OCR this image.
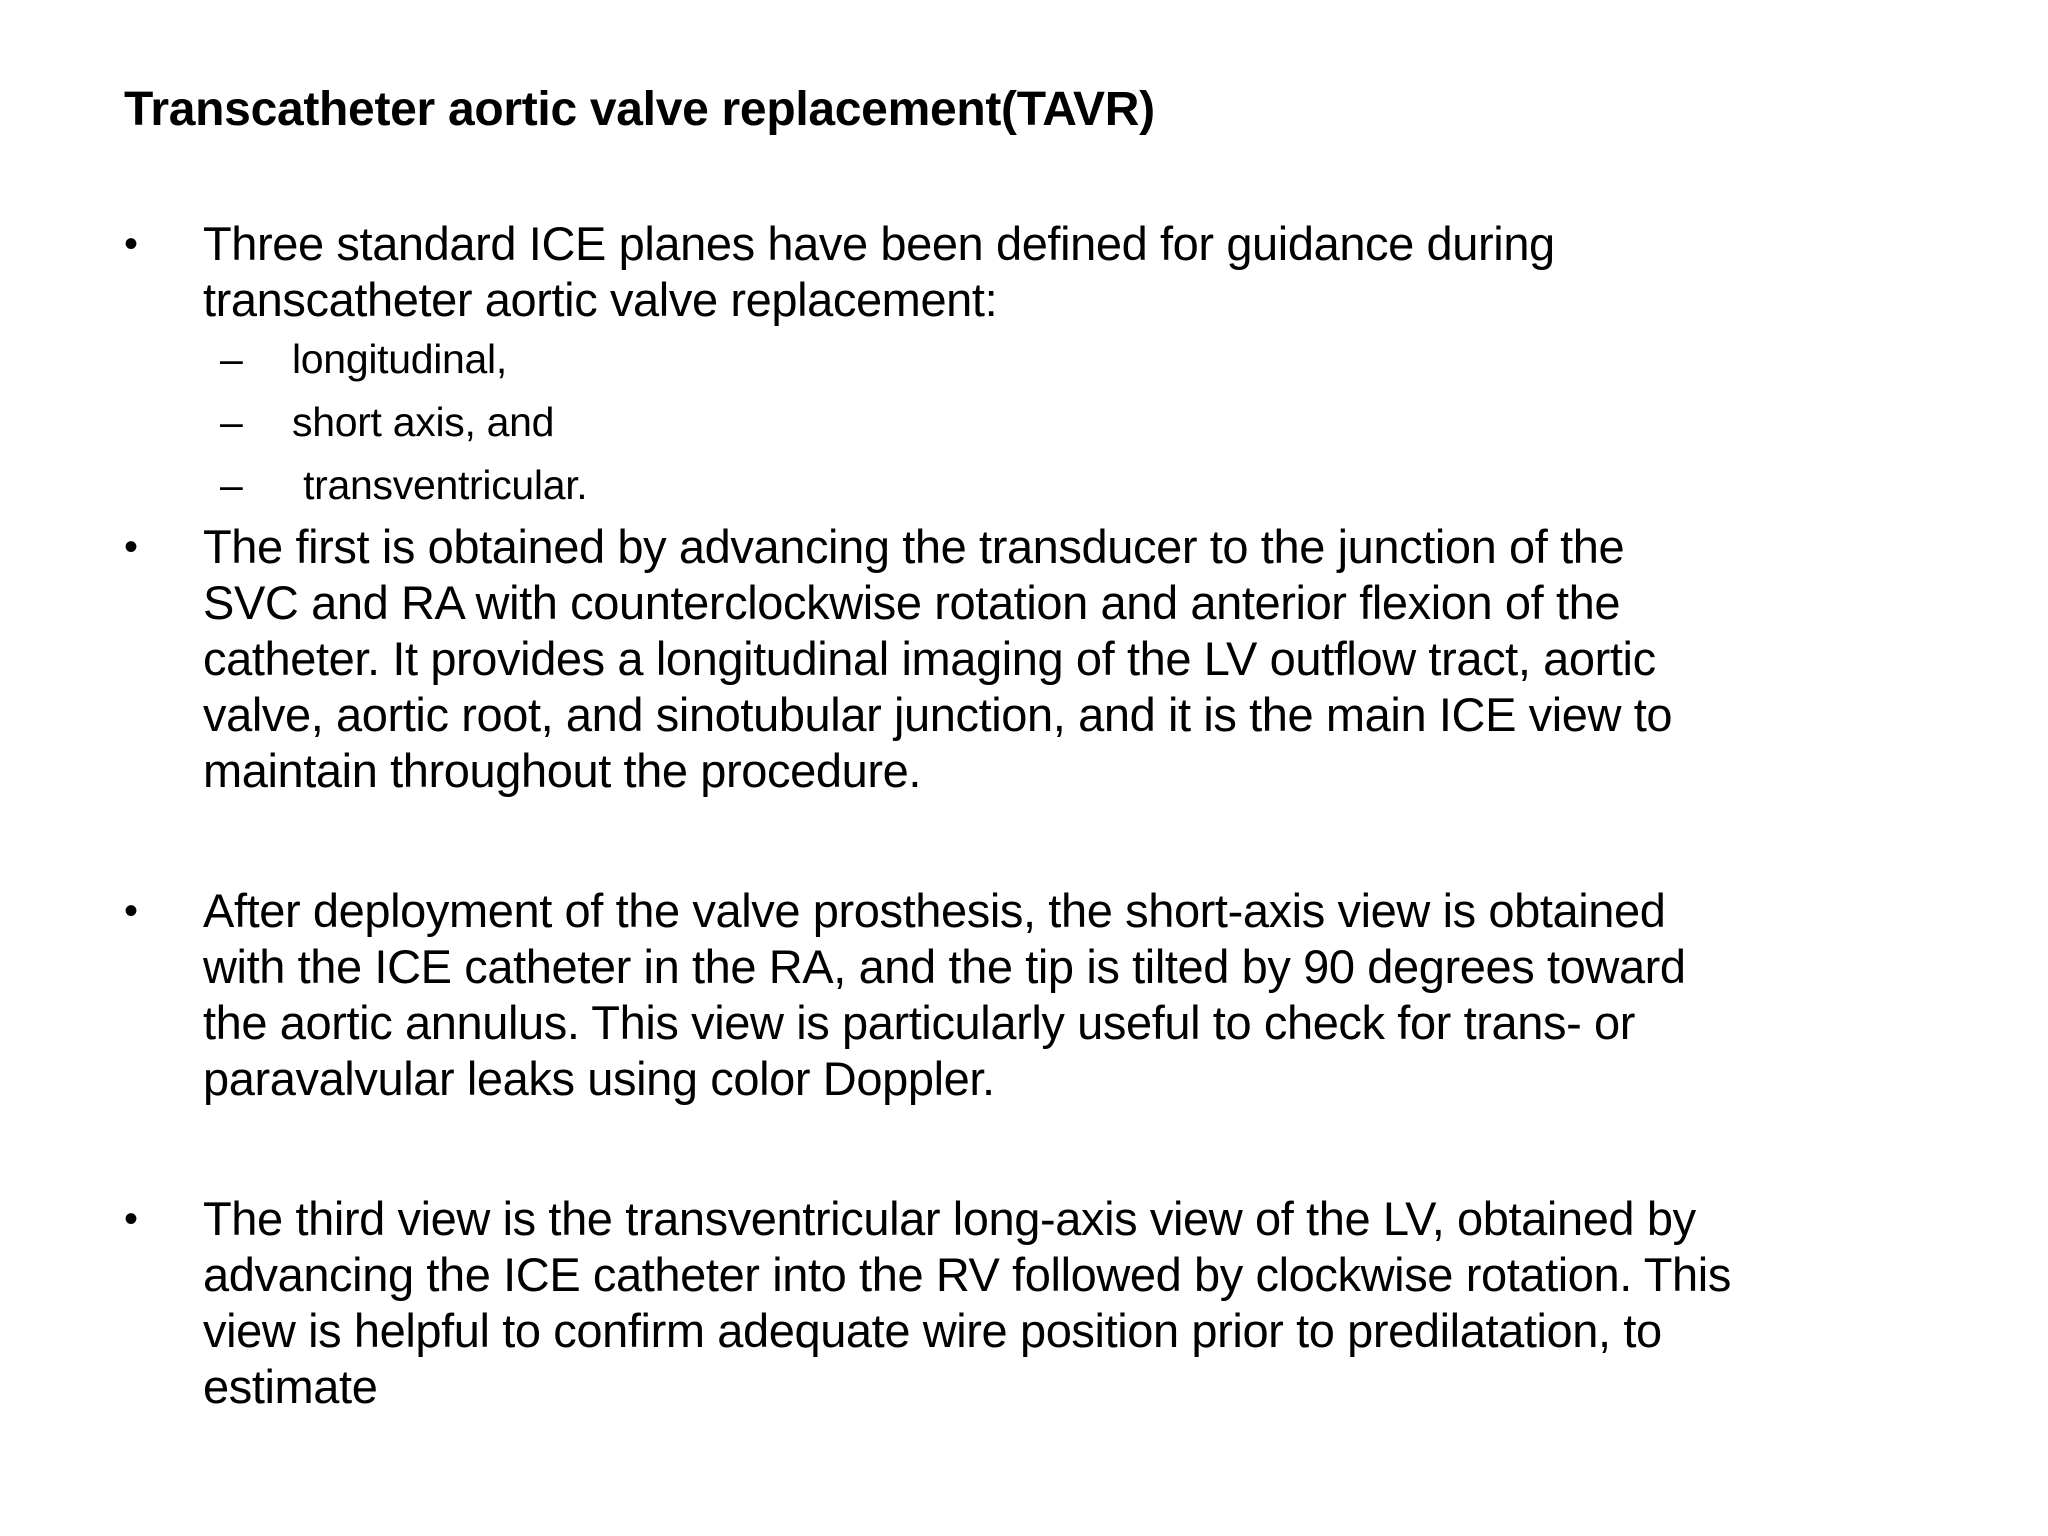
Transcatheter aortic valve replacement(TAVR)
•	Three standard ICE planes have been defined for guidance during
transcatheter aortic valve replacement:
–	longitudinal,
–	short axis, and
–	transventricular.
•	The first is obtained by advancing the transducer to the junction of the
SVC and RA with counterclockwise rotation and anterior flexion of the
catheter. It provides a longitudinal imaging of the LV outflow tract, aortic
valve, aortic root, and sinotubular junction, and it is the main ICE view to
maintain throughout the procedure.
•	After deployment of the valve prosthesis, the short-axis view is obtained
with the ICE catheter in the RA, and the tip is tilted by 90 degrees toward
the aortic annulus. This view is particularly useful to check for trans- or
paravalvular leaks using color Doppler.
•	The third view is the transventricular long-axis view of the LV, obtained by
advancing the ICE catheter into the RV followed by clockwise rotation. This
view is helpful to confirm adequate wire position prior to predilatation, to
estimate
